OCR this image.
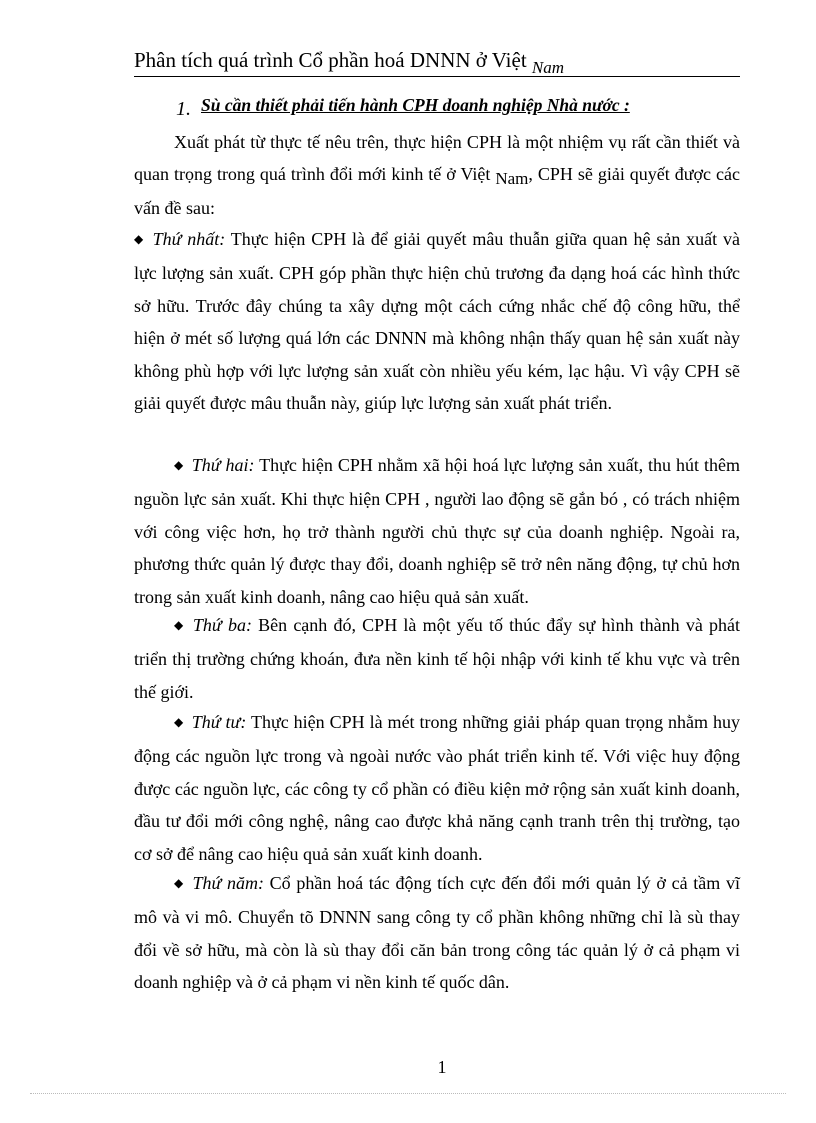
Phân tích quá trình Cổ phần hoá DNNN ở Việt $_{Nam}$
1. Sù cần thiết phải tiến hành CPH doanh nghiệp Nhà nước :

Xuất phát từ thực tế nêu trên, thực hiện CPH là một nhiệm vụ rất cần thiết và quan trọng trong quá trình đổi mới kinh tế ở Việt Nam, CPH sẽ giải quyết được các vấn đề sau:

◆ Thứ nhất: Thực hiện CPH là để giải quyết mâu thuẫn giữa quan hệ sản xuất và lực lượng sản xuất. CPH góp phần thực hiện chủ trương đa dạng hoá các hình thức sở hữu. Trước đây chúng ta xây dựng một cách cứng nhắc chế độ công hữu, thể hiện ở mét số lượng quá lớn các DNNN mà không nhận thấy quan hệ sản xuất này không phù hợp với lực lượng sản xuất còn nhiều yếu kém, lạc hậu. Vì vậy CPH sẽ giải quyết được mâu thuẫn này, giúp lực lượng sản xuất phát triển.

◆ Thứ hai: Thực hiện CPH nhằm xã hội hoá lực lượng sản xuất, thu hút thêm nguồn lực sản xuất. Khi thực hiện CPH , người lao động sẽ gắn bó , có trách nhiệm với công việc hơn, họ trở thành người chủ thực sự của doanh nghiệp. Ngoài ra, phương thức quản lý được thay đổi, doanh nghiệp sẽ trở nên năng động, tự chủ hơn trong sản xuất kinh doanh, nâng cao hiệu quả sản xuất.

◆ Thứ ba: Bên cạnh đó, CPH là một yếu tố thúc đẩy sự hình thành và phát triển thị trường chứng khoán, đưa nền kinh tế hội nhập với kinh tế khu vực và trên thế giới.

◆ Thứ tư: Thực hiện CPH là mét trong những giải pháp quan trọng nhằm huy động các nguồn lực trong và ngoài nước vào phát triển kinh tế. Với việc huy động được các nguồn lực, các công ty cổ phần có điều kiện mở rộng sản xuất kinh doanh, đầu tư đổi mới công nghệ, nâng cao được khả năng cạnh tranh trên thị trường, tạo cơ sở để nâng cao hiệu quả sản xuất kinh doanh.

◆ Thứ năm: Cổ phần hoá tác động tích cực đến đổi mới quản lý ở cả tầm vĩ mô và vi mô. Chuyển tõ DNNN sang công ty cổ phần không những chỉ là sù thay đổi về sở hữu, mà còn là sù thay đổi căn bản trong công tác quản lý ở cả phạm vi doanh nghiệp và ở cả phạm vi nền kinh tế quốc dân.

1
